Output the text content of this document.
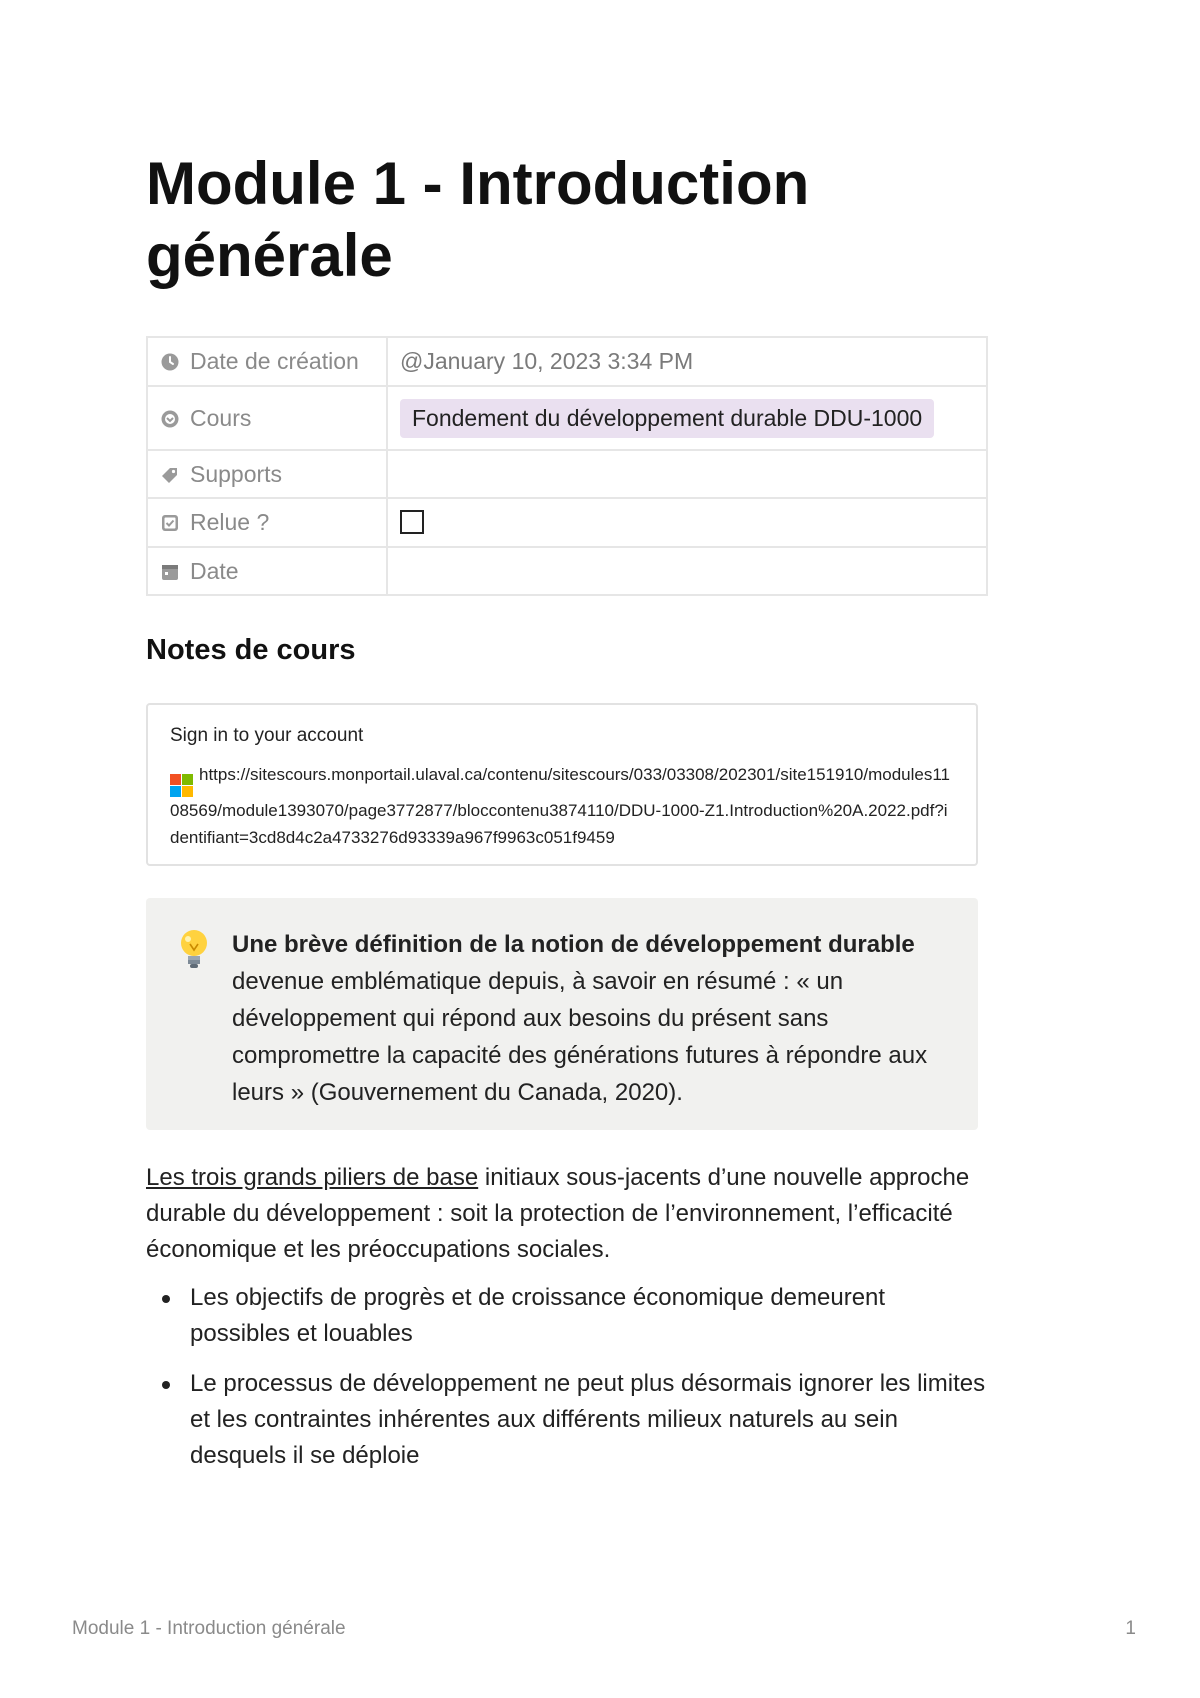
Module 1 - Introduction générale
Date de création	@January 10, 2023 3:34 PM

Cours	Fondement du développement durable DDU-1000

Supports	

Relue ?	

Date	
Notes de cours
Sign in to your account
https://sitescours.monportail.ulaval.ca/contenu/sitescours/033/03308/202301/site151910/modules1108569/module1393070/page3772877/bloccontenu3874110/DDU-1000-Z1.Introduction%20A.2022.pdf?identifiant=3cd8d4c2a4733276d93339a967f9963c051f9459
Une brève définition de la notion de développement durable devenue emblématique depuis, à savoir en résumé : « un développement qui répond aux besoins du présent sans compromettre la capacité des générations futures à répondre aux leurs » (Gouvernement du Canada, 2020).

Les trois grands piliers de base initiaux sous-jacents d’une nouvelle approche durable du développement : soit la protection de l’environnement, l’efficacité économique et les préoccupations sociales.

Les objectifs de progrès et de croissance économique demeurent possibles et louables
Le processus de développement ne peut plus désormais ignorer les limites et les contraintes inhérentes aux différents milieux naturels au sein desquels il se déploie
Module 1 - Introduction générale	1
